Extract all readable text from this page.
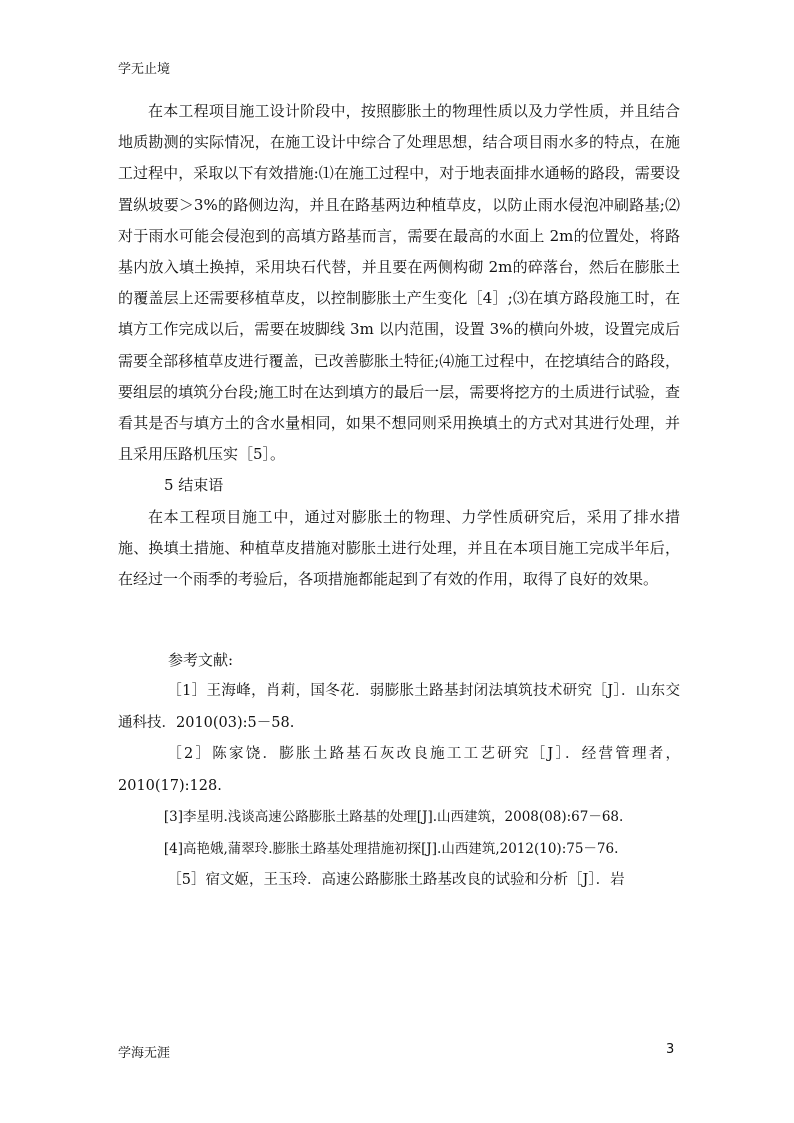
学无止境

在本工程项目施工设计阶段中，按照膨胀土的物理性质以及力学性质，并且结合地质勘测的实际情况，在施工设计中综合了处理思想，结合项目雨水多的特点，在施工过程中，采取以下有效措施:⑴在施工过程中，对于地表面排水通畅的路段，需要设置纵坡要＞3%的路侧边沟，并且在路基两边种植草皮，以防止雨水侵泡冲刷路基;⑵对于雨水可能会侵泡到的高填方路基而言，需要在最高的水面上 2m的位置处，将路基内放入填土换掉，采用块石代替，并且要在两侧构砌 2m的碎落台，然后在膨胀土的覆盖层上还需要移植草皮，以控制膨胀土产生变化［4］;⑶在填方路段施工时，在填方工作完成以后，需要在坡脚线 3m 以内范围，设置 3%的横向外坡，设置完成后需要全部移植草皮进行覆盖，已改善膨胀土特征;⑷施工过程中，在挖填结合的路段，要组层的填筑分台段;施工时在达到填方的最后一层，需要将挖方的土质进行试验，查看其是否与填方土的含水量相同，如果不想同则采用换填土的方式对其进行处理，并且采用压路机压实［5］。

5 结束语

在本工程项目施工中，通过对膨胀土的物理、力学性质研究后，采用了排水措施、换填土措施、种植草皮措施对膨胀土进行处理，并且在本项目施工完成半年后，在经过一个雨季的考验后，各项措施都能起到了有效的作用，取得了良好的效果。

参考文献:

［1］王海峰，肖莉，国冬花．弱膨胀土路基封闭法填筑技术研究［J］．山东交通科技．2010(03):5－58.

［2］陈家饶．膨胀土路基石灰改良施工工艺研究［J］．经营管理者，2010(17):128.

[3]李星明.浅谈高速公路膨胀土路基的处理[J].山西建筑，2008(08):67－68.

[4]高艳娥,蒲翠玲.膨胀土路基处理措施初探[J].山西建筑,2012(10):75－76.

［5］宿文姬，王玉玲．高速公路膨胀土路基改良的试验和分析［J］．岩

学海无涯	3
